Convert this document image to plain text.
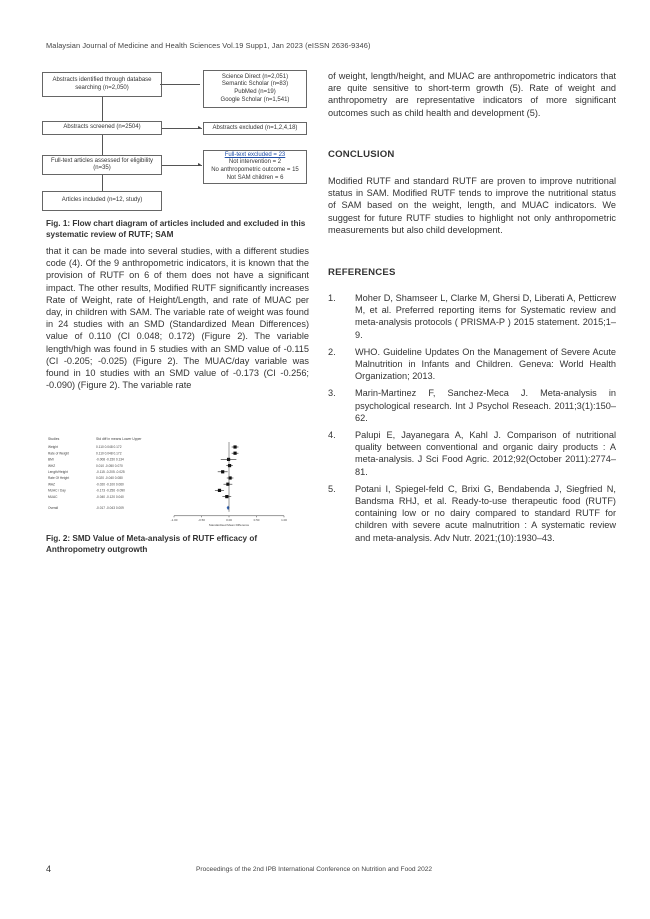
Malaysian Journal of Medicine and Health Sciences Vol.19 Supp1, Jan 2023 (eISSN 2636-9346)
Abstracts identified through database searching (n=2,050)
Abstracts screened (n=2504)	▸
Full-text articles assessed for eligibility (n=35)	▸
Articles included (n=12, study)
Science Direct (n=2,051)
Semantic Scholar (n=83)
PubMed (n=19)
Google Scholar (n=1,541)
Abstracts excluded (n=1,2,4,18)
Full-text excluded = 23
Not intervention = 2
No anthropometric outcome = 15
Not SAM children = 6
Fig. 1: Flow chart diagram of articles included and excluded in this systematic review of RUTF; SAM

that it can be made into several studies, with a different studies code (4). Of the 9 anthropometric indicators, it is known that the provision of RUTF on 6 of them does not have a significant impact. The other results, Modified RUTF significantly increases Rate of Weight, rate of Height/Length, and rate of MUAC per day, in children with SAM. The variable rate of weight was found in 24 studies with an SMD (Standardized Mean Differences) value of 0.110 (CI 0.048; 0.172) (Figure 2). The variable length/high was found in 5 studies with an SMD value of -0.115 (CI -0.205; -0.025) (Figure 2). The MUAC/day variable was found in 10 studies with an SMD value of -0.173 (CI -0.256; -0.090) (Figure 2). The variable rate

Studies	Std diff in means Lower Upper
Weight	0.110 0.048 0.172
Rate of Weight	0.110 0.048 0.172
BMI	-0.008 -0.150 0.134
WHZ	0.010 -0.050 0.070
Length/Height	-0.115 -0.205 -0.025
Rate Of Height	0.020 -0.040 0.080
WAZ	-0.020 -0.100 0.060
MUAC / Day	-0.173 -0.256 -0.090
MUAC	-0.040 -0.120 0.040
Overall	-0.017 -0.043 0.009
-1.00	-0.50	0.00	0.50	1.00
Standardised Mean Difference
Fig. 2: SMD Value of Meta-analysis of RUTF efficacy of Anthropometry outgrowth

of weight, length/height, and MUAC are anthropometric indicators that are quite sensitive to short-term growth (5). Rate of weight and anthropometry are representative indicators of more significant outcomes such as child health and development (5).

CONCLUSION

Modified RUTF and standard RUTF are proven to improve nutritional status in SAM. Modified RUTF tends to improve the nutritional status of SAM based on the weight, length, and MUAC indicators. We suggest for future RUTF studies to highlight not only anthropometric measurements but also child development.

REFERENCES
1. Moher D, Shamseer L, Clarke M, Ghersi D, Liberati A, Petticrew M, et al. Preferred reporting items for Systematic review and meta-analysis protocols ( PRISMA-P ) 2015 statement. 2015;1–9.
2. WHO. Guideline Updates On the Management of Severe Acute Malnutrition in Infants and Children. Geneva: World Health Organization; 2013.
3. Marin-Martinez F, Sanchez-Meca J. Meta-analysis in psychological research. Int J Psychol Reseach. 2011;3(1):150–62.
4. Palupi E, Jayanegara A, Kahl J. Comparison of nutritional quality between conventional and organic dairy products : A meta-analysis. J Sci Food Agric. 2012;92(October 2011):2774–81.
5. Potani I, Spiegel-feld C, Brixi G, Bendabenda J, Siegfried N, Bandsma RHJ, et al. Ready-to-use therapeutic food (RUTF) containing low or no dairy compared to standard RUTF for children with severe acute malnutrition : A systematic review and meta-analysis. Adv Nutr. 2021;(10):1930–43.
4	Proceedings of the 2nd IPB International Conference on Nutrition and Food 2022
